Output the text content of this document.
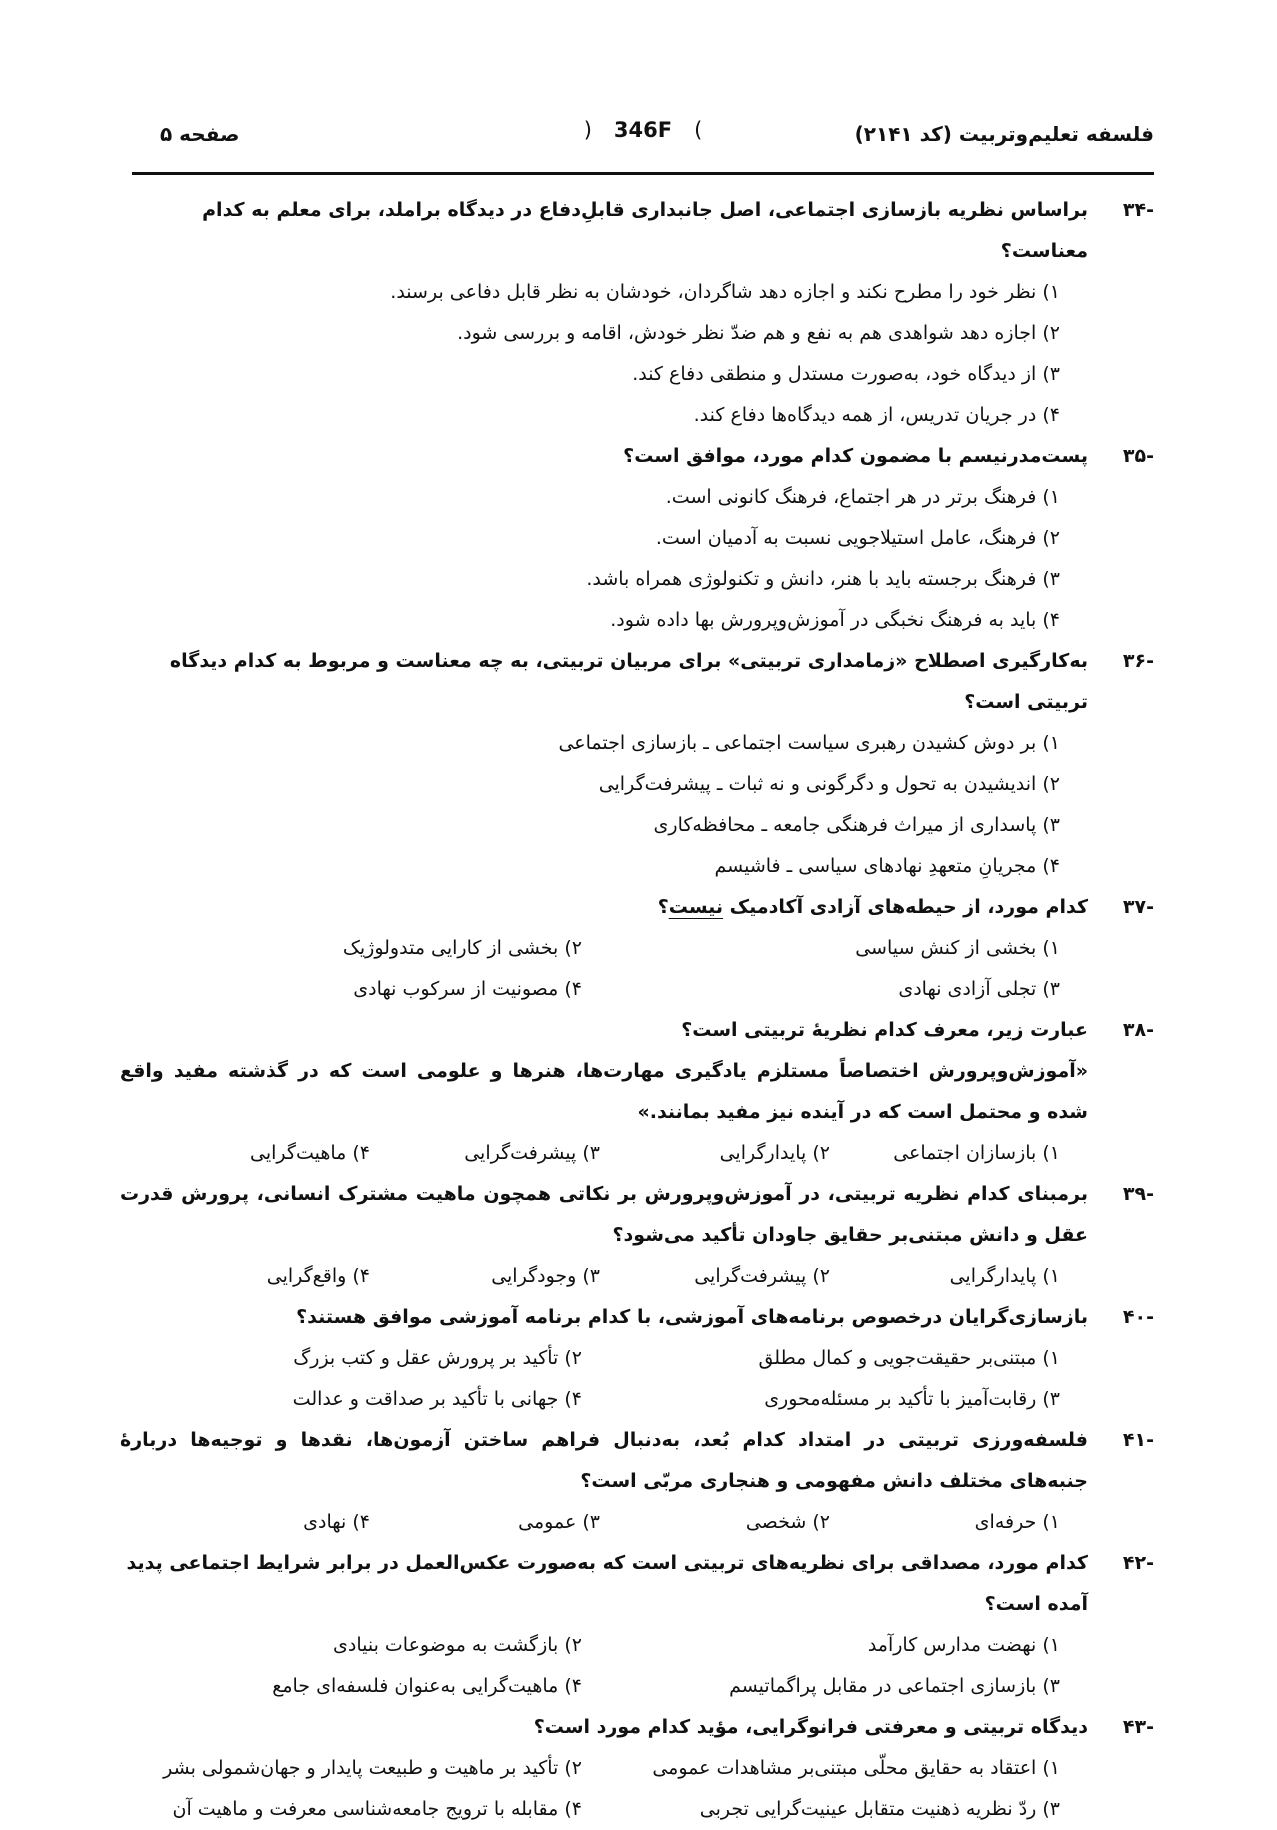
صفحه ۵	) 346F (	فلسفه تعلیم‌وتربیت (کد ۲۱۴۱)
-۳۴
براساس نظریه بازسازی اجتماعی، اصل جانبداری قابلِ‌دفاع در دیدگاه براملد، برای معلم به کدام معناست؟
۱) نظر خود را مطرح نکند و اجازه دهد شاگردان، خودشان به نظر قابل دفاعی برسند.
۲) اجازه دهد شواهدی هم به نفع و هم ضدّ نظر خودش، اقامه و بررسی شود.
۳) از دیدگاه خود، به‌صورت مستدل و منطقی دفاع کند.
۴) در جریان تدریس، از همه دیدگاه‌ها دفاع کند.
-۳۵
پست‌مدرنیسم با مضمون کدام مورد، موافق است؟
۱) فرهنگ برتر در هر اجتماع، فرهنگ کانونی است.
۲) فرهنگ، عامل استیلاجویی نسبت به آدمیان است.
۳) فرهنگ برجسته باید با هنر، دانش و تکنولوژی همراه باشد.
۴) باید به فرهنگ نخبگی در آموزش‌وپرورش بها داده شود.
-۳۶
به‌کارگیری اصطلاح «زمامداری تربیتی» برای مربیان تربیتی، به چه معناست و مربوط به کدام دیدگاه تربیتی است؟
۱) بر دوش کشیدن رهبری سیاست اجتماعی ـ بازسازی اجتماعی
۲) اندیشیدن به تحول و دگرگونی و نه ثبات ـ پیشرفت‌گرایی
۳) پاسداری از میراث فرهنگی جامعه ـ محافظه‌کاری
۴) مجریانِ متعهدِ نهادهای سیاسی ـ فاشیسم
-۳۷
کدام مورد، از حیطه‌های آزادی آکادمیک نیست؟
۱) بخشی از کنش سیاسی
۲) بخشی از کارایی متدولوژیک
۳) تجلی آزادی نهادی
۴) مصونیت از سرکوب نهادی
-۳۸
عبارت زیر، معرف کدام نظریهٔ تربیتی است؟
«آموزش‌وپرورش اختصاصاً مستلزم یادگیری مهارت‌ها، هنرها و علومی است که در گذشته مفید واقع شده و محتمل است که در آینده نیز مفید بمانند.»
۱) بازسازان اجتماعی
۲) پایدارگرایی
۳) پیشرفت‌گرایی
۴) ماهیت‌گرایی
-۳۹
برمبنای کدام نظریه تربیتی، در آموزش‌وپرورش بر نکاتی همچون ماهیت مشترک انسانی، پرورش قدرت عقل و دانش مبتنی‌بر حقایق جاودان تأکید می‌شود؟
۱) پایدارگرایی
۲) پیشرفت‌گرایی
۳) وجودگرایی
۴) واقع‌گرایی
-۴۰
بازسازی‌گرایان درخصوص برنامه‌های آموزشی، با کدام برنامه آموزشی موافق هستند؟
۱) مبتنی‌بر حقیقت‌جویی و کمال مطلق
۲) تأکید بر پرورش عقل و کتب بزرگ
۳) رقابت‌آمیز با تأکید بر مسئله‌محوری
۴) جهانی با تأکید بر صداقت و عدالت
-۴۱
فلسفه‌ورزی تربیتی در امتداد کدام بُعد، به‌دنبال فراهم ساختن آزمون‌ها، نقدها و توجیه‌ها دربارهٔ جنبه‌های مختلف دانش مفهومی و هنجاری مربّی است؟
۱) حرفه‌ای
۲) شخصی
۳) عمومی
۴) نهادی
-۴۲
کدام مورد، مصداقی برای نظریه‌های تربیتی است که به‌صورت عکس‌العمل در برابر شرایط اجتماعی پدید آمده است؟
۱) نهضت مدارس کارآمد
۲) بازگشت به موضوعات بنیادی
۳) بازسازی اجتماعی در مقابل پراگماتیسم
۴) ماهیت‌گرایی به‌عنوان فلسفه‌ای جامع
-۴۳
دیدگاه تربیتی و معرفتی فرانوگرایی، مؤید کدام مورد است؟
۱) اعتقاد به حقایق محلّی مبتنی‌بر مشاهدات عمومی
۲) تأکید بر ماهیت و طبیعت پایدار و جهان‌شمولی بشر
۳) ردّ نظریه ذهنیت متقابل عینیت‌گرایی تجربی
۴) مقابله با ترویج جامعه‌شناسی معرفت و ماهیت آن
